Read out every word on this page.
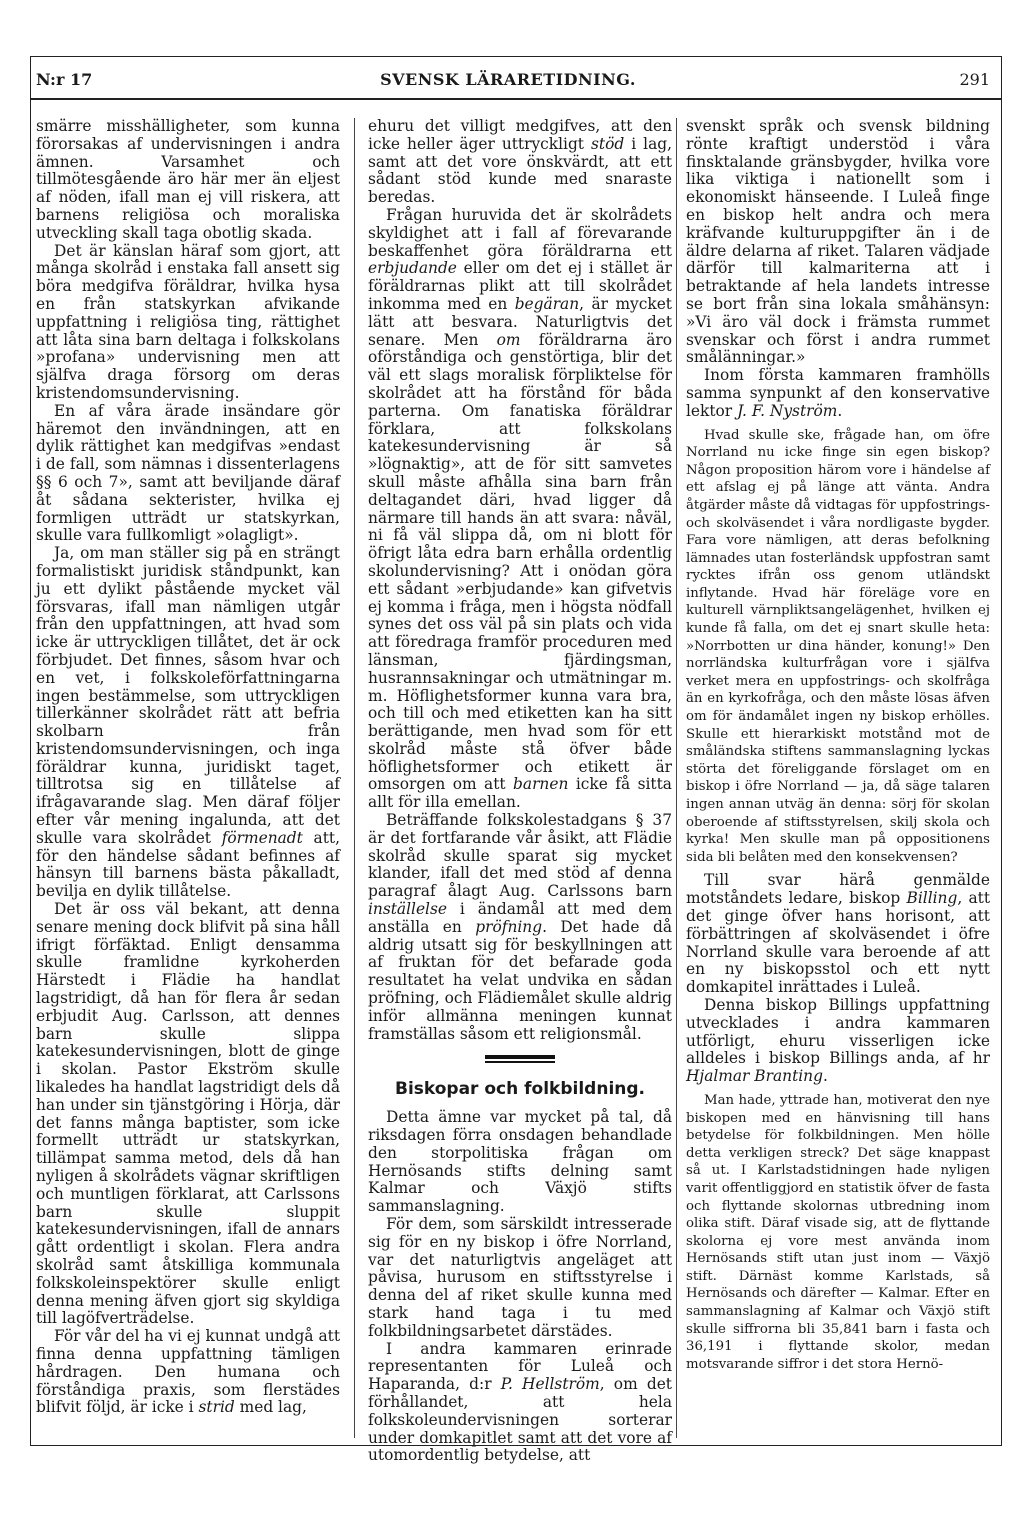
N:r 17	SVENSK LÄRARETIDNING.	291

smärre misshälligheter, som kunna förorsakas af undervisningen i andra ämnen. Varsamhet och tillmötesgående äro här mer än eljest af nöden, ifall man ej vill riskera, att barnens religiösa och moraliska utveckling skall taga obotlig skada.

Det är känslan häraf som gjort, att många skolråd i enstaka fall ansett sig böra medgifva föräldrar, hvilka hysa en från statskyrkan afvikande uppfattning i religiösa ting, rättighet att låta sina barn deltaga i folkskolans »profana» undervisning men att själfva draga försorg om deras kristendomsundervisning.

En af våra ärade insändare gör häremot den invändningen, att en dylik rättighet kan medgifvas »endast i de fall, som nämnas i dissenterlagens §§ 6 och 7», samt att beviljande däraf åt sådana sekterister, hvilka ej formligen utträdt ur statskyrkan, skulle vara fullkomligt »olagligt».

Ja, om man ställer sig på en strängt formalistiskt juridisk ståndpunkt, kan ju ett dylikt påstående mycket väl försvaras, ifall man nämligen utgår från den uppfattningen, att hvad som icke är uttryckligen tillåtet, det är ock förbjudet. Det finnes, såsom hvar och en vet, i folkskoleförfattningarna ingen bestämmelse, som uttryckligen tillerkänner skolrådet rätt att befria skolbarn från kristendomsundervisningen, och inga föräldrar kunna, juridiskt taget, tilltrotsa sig en tillåtelse af ifrågavarande slag. Men däraf följer efter vår mening ingalunda, att det skulle vara skolrådet förmenadt att, för den händelse sådant befinnes af hänsyn till barnens bästa påkalladt, bevilja en dylik tillåtelse.

Det är oss väl bekant, att denna senare mening dock blifvit på sina håll ifrigt förfäktad. Enligt densamma skulle framlidne kyrkoherden Härstedt i Flädie ha handlat lagstridigt, då han för flera år sedan erbjudit Aug. Carlsson, att dennes barn skulle slippa katekesundervisningen, blott de ginge i skolan. Pastor Ekström skulle likaledes ha handlat lagstridigt dels då han under sin tjänstgöring i Hörja, där det fanns många baptister, som icke formellt utträdt ur statskyrkan, tillämpat samma metod, dels då han nyligen å skolrådets vägnar skriftligen och muntligen förklarat, att Carlssons barn skulle sluppit katekesundervisningen, ifall de annars gått ordentligt i skolan. Flera andra skolråd samt åtskilliga kommunala folkskoleinspektörer skulle enligt denna mening äfven gjort sig skyldiga till lagöfverträdelse.

För vår del ha vi ej kunnat undgå att finna denna uppfattning tämligen hårdragen. Den humana och förståndiga praxis, som flerstädes blifvit följd, är icke i strid med lag,

ehuru det villigt medgifves, att den icke heller äger uttryckligt stöd i lag, samt att det vore önskvärdt, att ett sådant stöd kunde med snaraste beredas.

Frågan huruvida det är skolrådets skyldighet att i fall af förevarande beskaffenhet göra föräldrarna ett erbjudande eller om det ej i stället är föräldrarnas plikt att till skolrådet inkomma med en begäran, är mycket lätt att besvara. Naturligtvis det senare. Men om föräldrarna äro oförståndiga och genstörtiga, blir det väl ett slags moralisk förpliktelse för skolrådet att ha förstånd för båda parterna. Om fanatiska föräldrar förklara, att folkskolans katekesundervisning är så »lögnaktig», att de för sitt samvetes skull måste afhålla sina barn från deltagandet däri, hvad ligger då närmare till hands än att svara: nåväl, ni få väl slippa då, om ni blott för öfrigt låta edra barn erhålla ordentlig skolundervisning? Att i onödan göra ett sådant »erbjudande» kan gifvetvis ej komma i fråga, men i högsta nödfall synes det oss väl på sin plats och vida att föredraga framför proceduren med länsman, fjärdingsman, husrannsakningar och utmätningar m. m. Höflighetsformer kunna vara bra, och till och med etiketten kan ha sitt berättigande, men hvad som för ett skolråd måste stå öfver både höflighetsformer och etikett är omsorgen om att barnen icke få sitta allt för illa emellan.

Beträffande folkskolestadgans § 37 är det fortfarande vår åsikt, att Flädie skolråd skulle sparat sig mycket klander, ifall det med stöd af denna paragraf ålagt Aug. Carlssons barn inställelse i ändamål att med dem anställa en pröfning. Det hade då aldrig utsatt sig för beskyllningen att af fruktan för det befarade goda resultatet ha velat undvika en sådan pröfning, och Flädiemålet skulle aldrig inför allmänna meningen kunnat framställas såsom ett religionsmål.

Biskopar och folkbildning.

Detta ämne var mycket på tal, då riksdagen förra onsdagen behandlade den storpolitiska frågan om Hernösands stifts delning samt Kalmar och Växjö stifts sammanslagning.

För dem, som särskildt intresserade sig för en ny biskop i öfre Norrland, var det naturligtvis angeläget att påvisa, hurusom en stiftsstyrelse i denna del af riket skulle kunna med stark hand taga i tu med folkbildningsarbetet därstädes.

I andra kammaren erinrade representanten för Luleå och Haparanda, d:r P. Hellström, om det förhållandet, att hela folkskoleundervisningen sorterar under domkapitlet samt att det vore af utomordentlig betydelse, att

svenskt språk och svensk bildning rönte kraftigt understöd i våra finsktalande gränsbygder, hvilka vore lika viktiga i nationellt som i ekonomiskt hänseende. I Luleå finge en biskop helt andra och mera kräfvande kulturuppgifter än i de äldre delarna af riket. Talaren vädjade därför till kalmariterna att i betraktande af hela landets intresse se bort från sina lokala småhänsyn: »Vi äro väl dock i främsta rummet svenskar och först i andra rummet smålänningar.»

Inom första kammaren framhölls samma synpunkt af den konservative lektor J. F. Nyström.

Hvad skulle ske, frågade han, om öfre Norrland nu icke finge sin egen biskop? Någon proposition härom vore i händelse af ett afslag ej på länge att vänta. Andra åtgärder måste då vidtagas för uppfostrings- och skolväsendet i våra nordligaste bygder. Fara vore nämligen, att deras befolkning lämnades utan fosterländsk uppfostran samt rycktes ifrån oss genom utländskt inflytande. Hvad här föreläge vore en kulturell värnpliktsangelägenhet, hvilken ej kunde få falla, om det ej snart skulle heta: »Norrbotten ur dina händer, konung!» Den norrländska kulturfrågan vore i själfva verket mera en uppfostrings- och skolfråga än en kyrkofråga, och den måste lösas äfven om för ändamålet ingen ny biskop erhölles. Skulle ett hierarkiskt motstånd mot de småländska stiftens sammanslagning lyckas störta det föreliggande förslaget om en biskop i öfre Norrland — ja, då säge talaren ingen annan utväg än denna: sörj för skolan oberoende af stiftsstyrelsen, skilj skola och kyrka! Men skulle man på oppositionens sida bli belåten med den konsekvensen?

Till svar härå genmälde motståndets ledare, biskop Billing, att det ginge öfver hans horisont, att förbättringen af skolväsendet i öfre Norrland skulle vara beroende af att en ny biskopsstol och ett nytt domkapitel inrättades i Luleå.

Denna biskop Billings uppfattning utvecklades i andra kammaren utförligt, ehuru visserligen icke alldeles i biskop Billings anda, af hr Hjalmar Branting.

Man hade, yttrade han, motiverat den nye biskopen med en hänvisning till hans betydelse för folkbildningen. Men hölle detta verkligen streck? Det säge knappast så ut. I Karlstadstidningen hade nyligen varit offentliggjord en statistik öfver de fasta och flyttande skolornas utbredning inom olika stift. Däraf visade sig, att de flyttande skolorna ej vore mest använda inom Hernösands stift utan just inom — Växjö stift. Därnäst komme Karlstads, så Hernösands och därefter — Kalmar. Efter en sammanslagning af Kalmar och Växjö stift skulle siffrorna bli 35,841 barn i fasta och 36,191 i flyttande skolor, medan motsvarande siffror i det stora Hernö-
